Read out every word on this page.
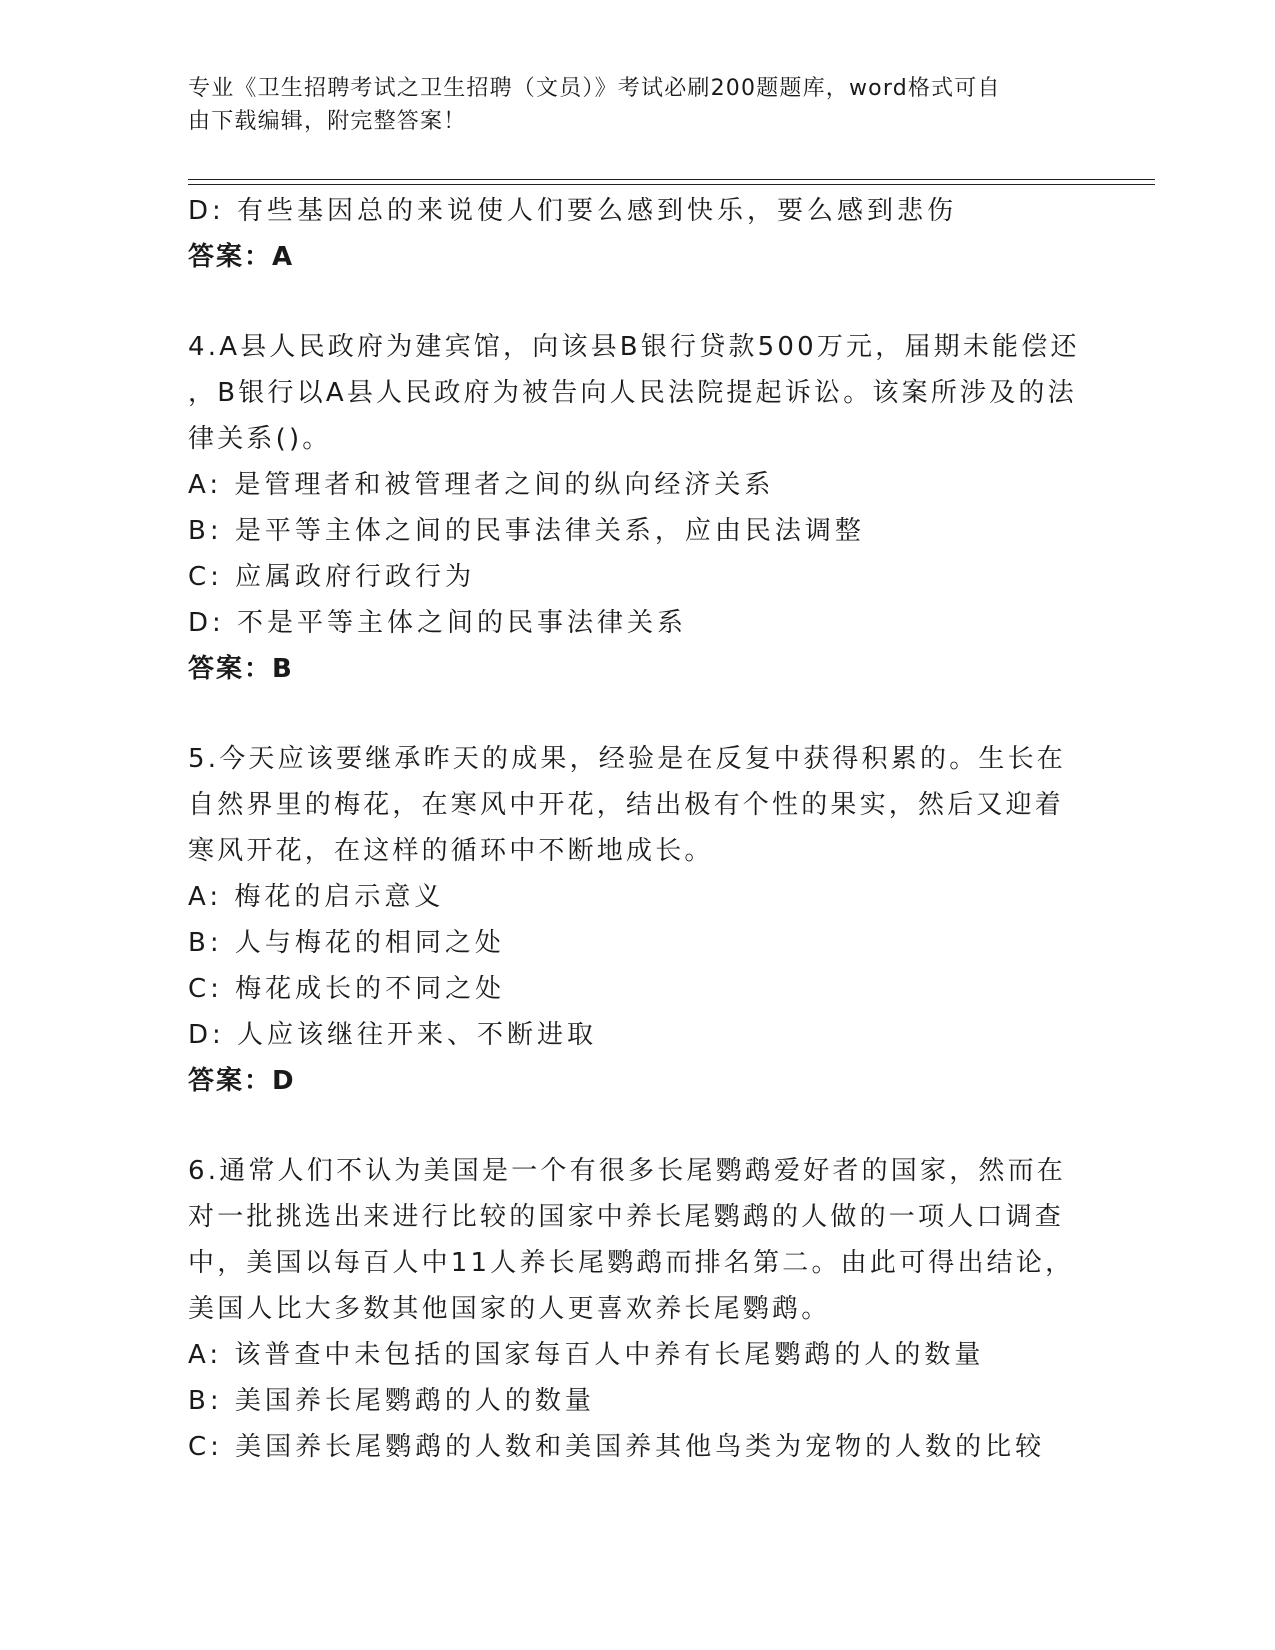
专业《卫生招聘考试之卫生招聘（文员）》考试必刷200题题库，word格式可自
由下载编辑，附完整答案！
D: 有些基因总的来说使人们要么感到快乐，要么感到悲伤
答案：A
4.A县人民政府为建宾馆，向该县B银行贷款500万元，届期未能偿还
，B银行以A县人民政府为被告向人民法院提起诉讼。该案所涉及的法
律关系()。
A: 是管理者和被管理者之间的纵向经济关系
B: 是平等主体之间的民事法律关系，应由民法调整
C: 应属政府行政行为
D: 不是平等主体之间的民事法律关系
答案：B
5.今天应该要继承昨天的成果，经验是在反复中获得积累的。生长在
自然界里的梅花，在寒风中开花，结出极有个性的果实，然后又迎着
寒风开花，在这样的循环中不断地成长。
A: 梅花的启示意义
B: 人与梅花的相同之处
C: 梅花成长的不同之处
D: 人应该继往开来、不断进取
答案：D
6.通常人们不认为美国是一个有很多长尾鹦鹉爱好者的国家，然而在
对一批挑选出来进行比较的国家中养长尾鹦鹉的人做的一项人口调查
中，美国以每百人中11人养长尾鹦鹉而排名第二。由此可得出结论，
美国人比大多数其他国家的人更喜欢养长尾鹦鹉。
A: 该普查中未包括的国家每百人中养有长尾鹦鹉的人的数量
B: 美国养长尾鹦鹉的人的数量
C: 美国养长尾鹦鹉的人数和美国养其他鸟类为宠物的人数的比较
